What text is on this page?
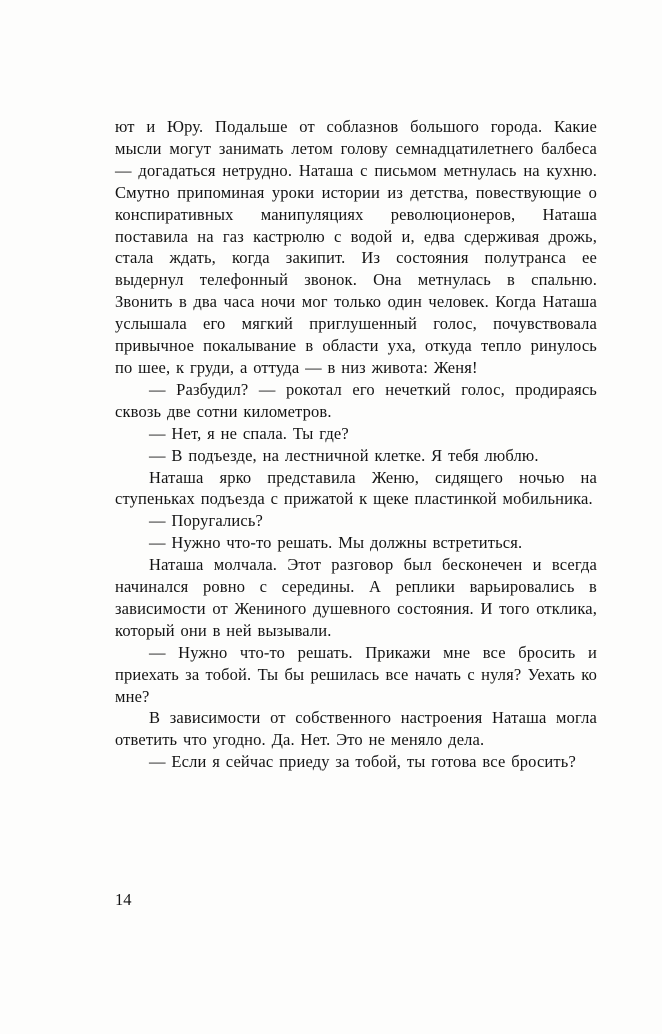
ют и Юру. Подальше от соблазнов большого города. Какие мысли могут занимать летом голову семнадцатилетнего балбеса — догадаться нетрудно. Наташа с письмом метнулась на кухню. Смутно припоминая уроки истории из детства, повествующие о конспиративных манипуляциях революционеров, Наташа поставила на газ кастрюлю с водой и, едва сдерживая дрожь, стала ждать, когда закипит. Из состояния полутранса ее выдернул телефонный звонок. Она метнулась в спальню. Звонить в два часа ночи мог только один человек. Когда Наташа услышала его мягкий приглушенный голос, почувствовала привычное покалывание в области уха, откуда тепло ринулось по шее, к груди, а оттуда — в низ живота: Женя!

— Разбудил? — рокотал его нечеткий голос, продираясь сквозь две сотни километров.

— Нет, я не спала. Ты где?

— В подъезде, на лестничной клетке. Я тебя люблю.

Наташа ярко представила Женю, сидящего ночью на ступеньках подъезда с прижатой к щеке пластинкой мобильника.

— Поругались?

— Нужно что-то решать. Мы должны встретиться.

Наташа молчала. Этот разговор был бесконечен и всегда начинался ровно с середины. А реплики варьировались в зависимости от Жениного душевного состояния. И того отклика, который они в ней вызывали.

— Нужно что-то решать. Прикажи мне все бросить и приехать за тобой. Ты бы решилась все начать с нуля? Уехать ко мне?

В зависимости от собственного настроения Наташа могла ответить что угодно. Да. Нет. Это не меняло дела.

— Если я сейчас приеду за тобой, ты готова все бросить?

14
